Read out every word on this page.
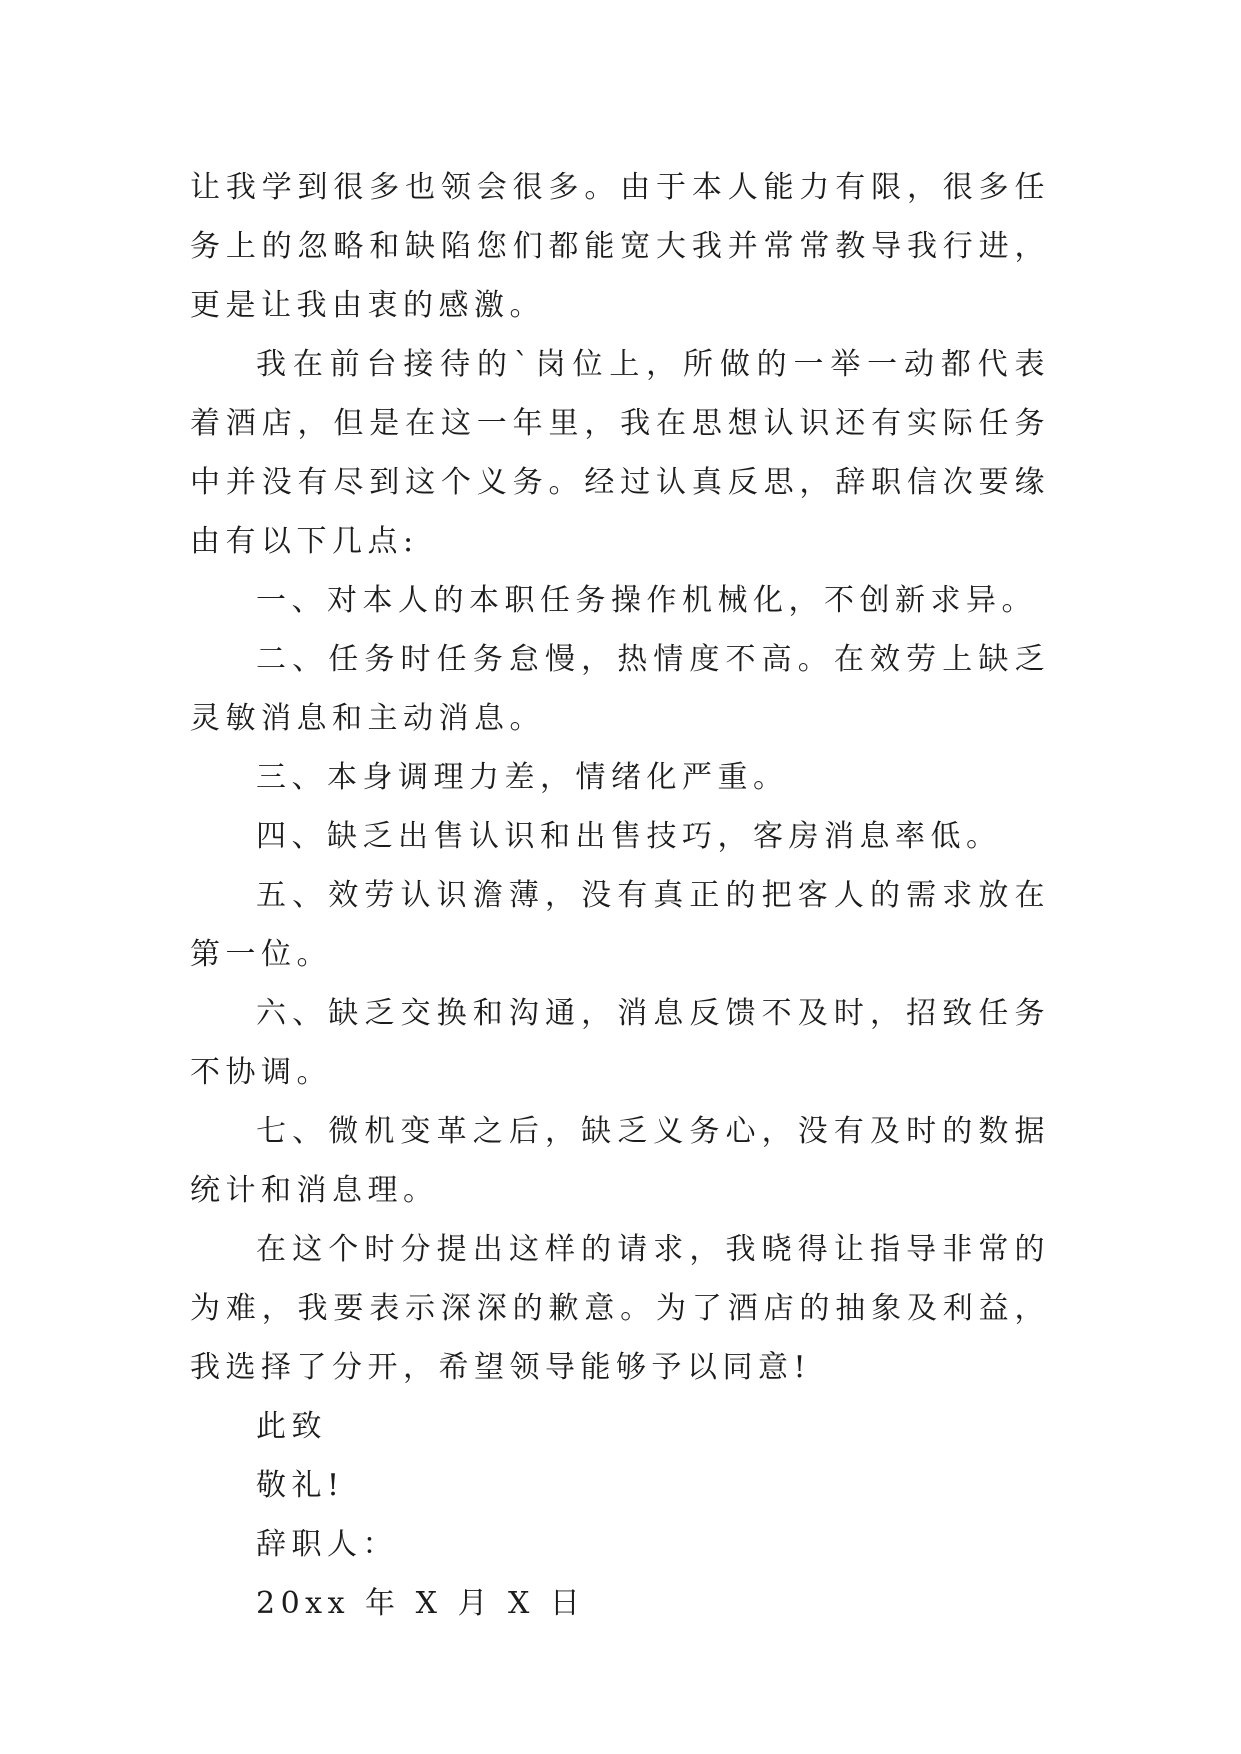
让我学到很多也领会很多。由于本人能力有限，很多任务上的忽略和缺陷您们都能宽大我并常常教导我行进，更是让我由衷的感激。

我在前台接待的`岗位上，所做的一举一动都代表着酒店，但是在这一年里，我在思想认识还有实际任务中并没有尽到这个义务。经过认真反思，辞职信次要缘由有以下几点:

一、对本人的本职任务操作机械化，不创新求异。

二、任务时任务怠慢，热情度不高。在效劳上缺乏灵敏消息和主动消息。

三、本身调理力差，情绪化严重。

四、缺乏出售认识和出售技巧，客房消息率低。

五、效劳认识澹薄，没有真正的把客人的需求放在第一位。

六、缺乏交换和沟通，消息反馈不及时，招致任务不协调。

七、微机变革之后，缺乏义务心，没有及时的数据统计和消息理。

在这个时分提出这样的请求，我晓得让指导非常的为难，我要表示深深的歉意。为了酒店的抽象及利益，我选择了分开，希望领导能够予以同意!

此致

敬礼!

辞职人：

20xx 年 X 月 X 日
